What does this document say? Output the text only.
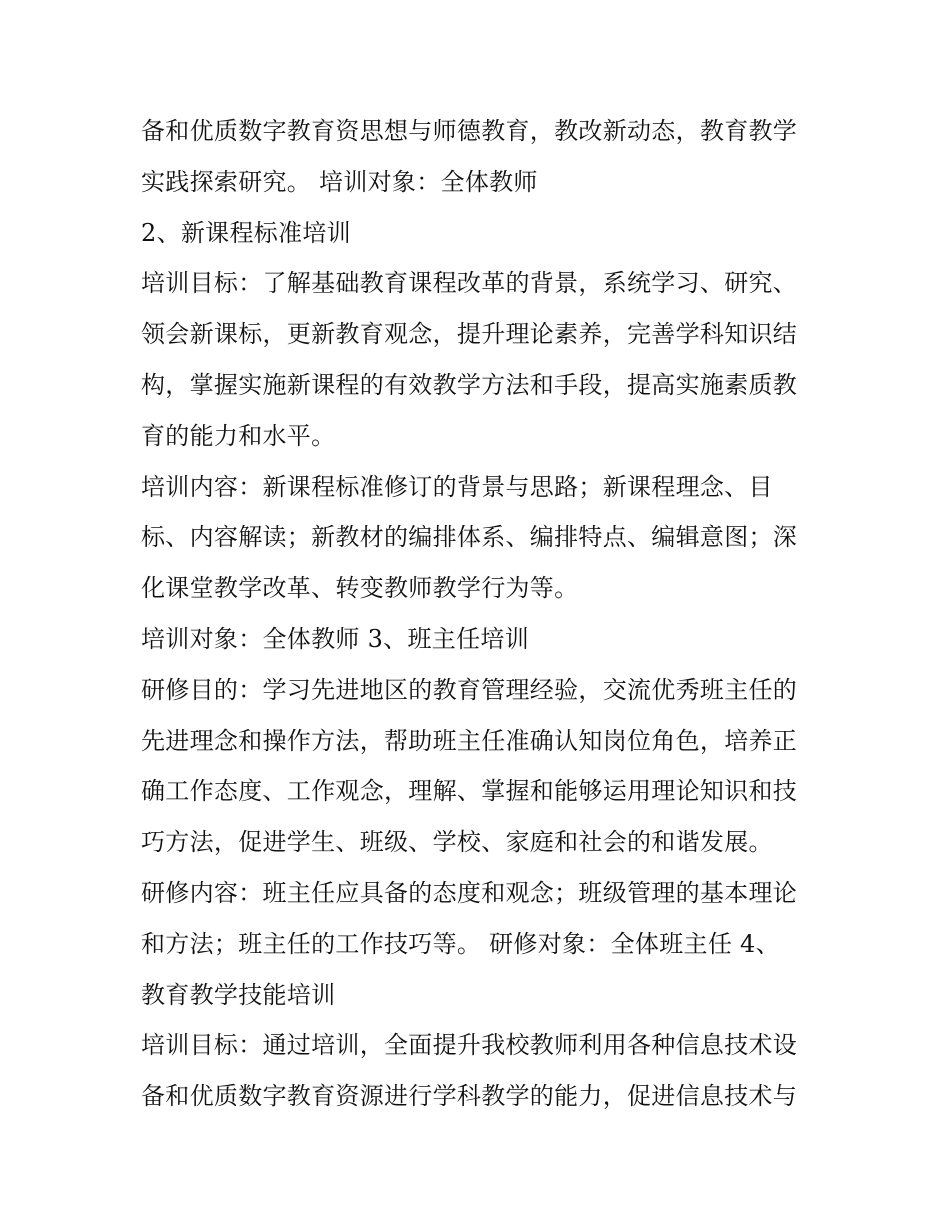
备和优质数字教育资思想与师德教育，教改新动态，教育教学
实践探索研究。 培训对象：全体教师
2、新课程标准培训
培训目标：了解基础教育课程改革的背景，系统学习、研究、
领会新课标，更新教育观念，提升理论素养，完善学科知识结
构，掌握实施新课程的有效教学方法和手段，提高实施素质教
育的能力和水平。
培训内容：新课程标准修订的背景与思路；新课程理念、目
标、内容解读；新教材的编排体系、编排特点、编辑意图；深
化课堂教学改革、转变教师教学行为等。
培训对象：全体教师 3、班主任培训
研修目的：学习先进地区的教育管理经验，交流优秀班主任的
先进理念和操作方法，帮助班主任准确认知岗位角色，培养正
确工作态度、工作观念，理解、掌握和能够运用理论知识和技
巧方法，促进学生、班级、学校、家庭和社会的和谐发展。
研修内容：班主任应具备的态度和观念；班级管理的基本理论
和方法；班主任的工作技巧等。 研修对象：全体班主任 4、
教育教学技能培训
培训目标：通过培训，全面提升我校教师利用各种信息技术设
备和优质数字教育资源进行学科教学的能力，促进信息技术与
